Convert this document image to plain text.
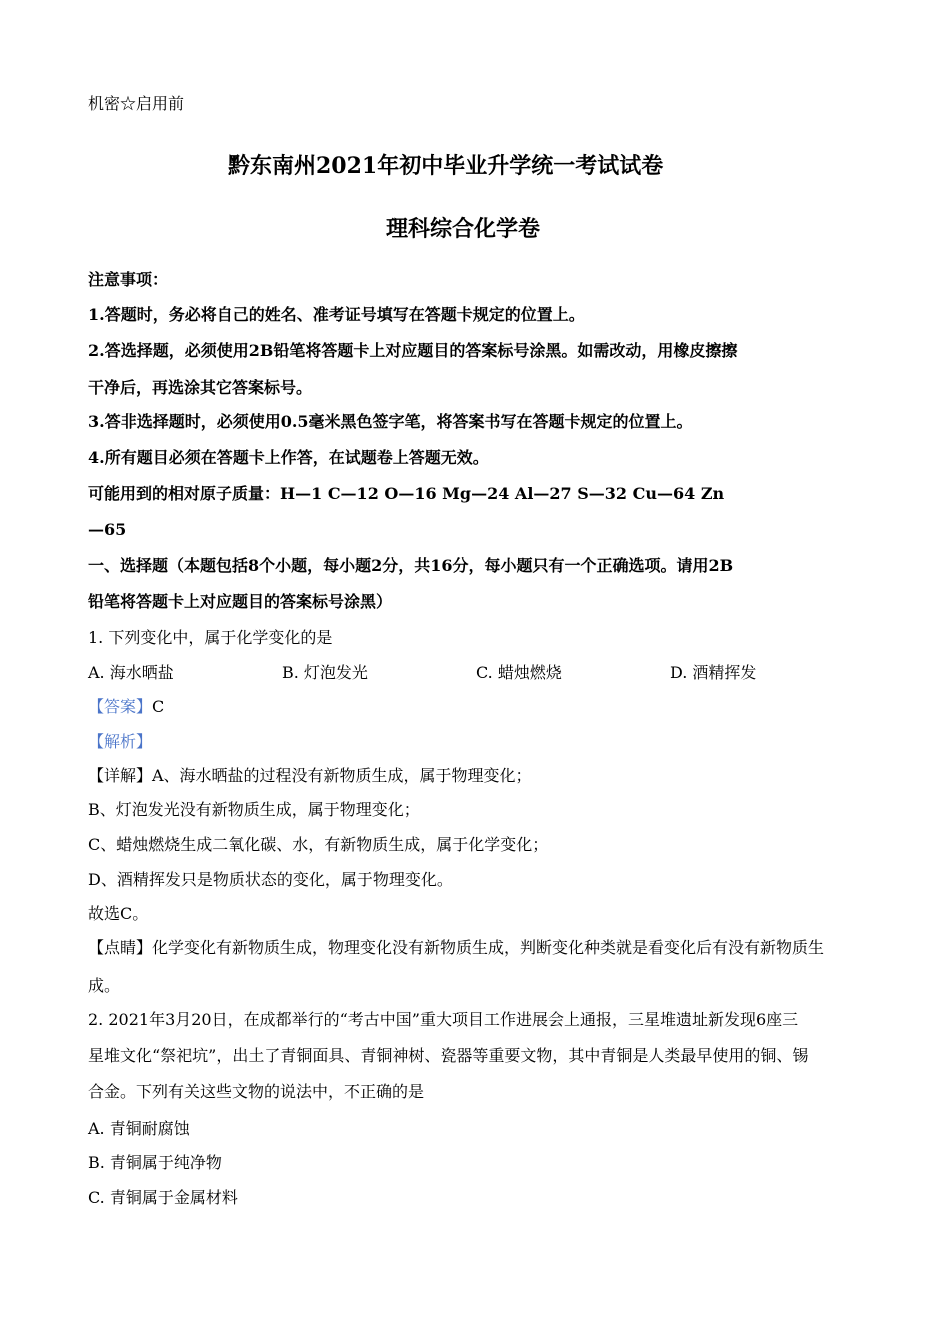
机密☆启用前
黔东南州2021年初中毕业升学统一考试试卷
理科综合化学卷
注意事项：
1.答题时，务必将自己的姓名、准考证号填写在答题卡规定的位置上。
2.答选择题，必须使用2B铅笔将答题卡上对应题目的答案标号涂黑。如需改动，用橡皮擦擦
干净后，再选涂其它答案标号。
3.答非选择题时，必须使用0.5毫米黑色签字笔，将答案书写在答题卡规定的位置上。
4.所有题目必须在答题卡上作答，在试题卷上答题无效。
可能用到的相对原子质量：H—1 C—12 O—16 Mg—24 Al—27 S—32 Cu—64 Zn
—65
一、选择题（本题包括8个小题，每小题2分，共16分，每小题只有一个正确选项。请用2B
铅笔将答题卡上对应题目的答案标号涂黑）
1. 下列变化中，属于化学变化的是
A. 海水晒盐	B. 灯泡发光	C. 蜡烛燃烧	D. 酒精挥发
【答案】C
【解析】
【详解】A、海水晒盐的过程没有新物质生成，属于物理变化；
B、灯泡发光没有新物质生成，属于物理变化；
C、蜡烛燃烧生成二氧化碳、水，有新物质生成，属于化学变化；
D、酒精挥发只是物质状态的变化，属于物理变化。
故选C。
【点睛】化学变化有新物质生成，物理变化没有新物质生成，判断变化种类就是看变化后有没有新物质生
成。
2. 2021年3月20日，在成都举行的“考古中国”重大项目工作进展会上通报，三星堆遗址新发现6座三
星堆文化“祭祀坑”，出土了青铜面具、青铜神树、瓷器等重要文物，其中青铜是人类最早使用的铜、锡
合金。下列有关这些文物的说法中，不正确的是
A. 青铜耐腐蚀
B. 青铜属于纯净物
C. 青铜属于金属材料
